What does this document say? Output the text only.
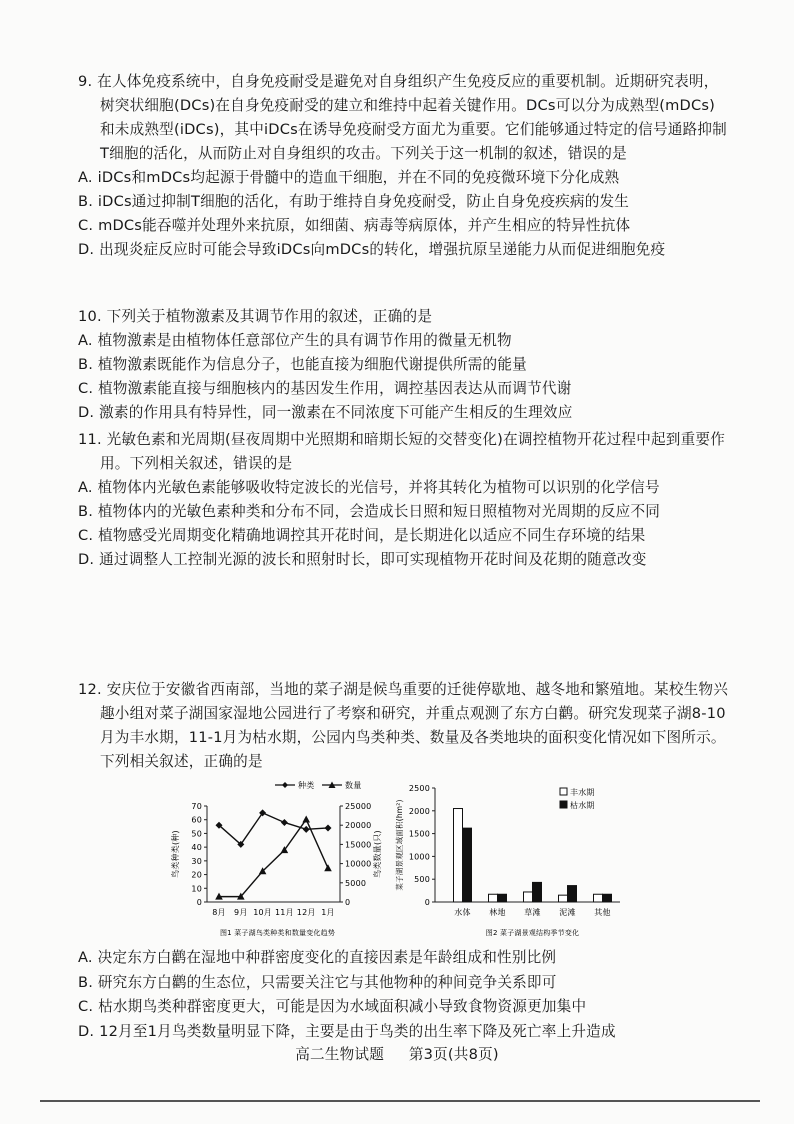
9. 在人体免疫系统中，自身免疫耐受是避免对自身组织产生免疫反应的重要机制。近期研究表明，树突状细胞(DCs)在自身免疫耐受的建立和维持中起着关键作用。DCs可以分为成熟型(mDCs)和未成熟型(iDCs)，其中iDCs在诱导免疫耐受方面尤为重要。它们能够通过特定的信号通路抑制T细胞的活化，从而防止对自身组织的攻击。下列关于这一机制的叙述，错误的是

A. iDCs和mDCs均起源于骨髓中的造血干细胞，并在不同的免疫微环境下分化成熟

B. iDCs通过抑制T细胞的活化，有助于维持自身免疫耐受，防止自身免疫疾病的发生

C. mDCs能吞噬并处理外来抗原，如细菌、病毒等病原体，并产生相应的特异性抗体

D. 出现炎症反应时可能会导致iDCs向mDCs的转化，增强抗原呈递能力从而促进细胞免疫

10. 下列关于植物激素及其调节作用的叙述，正确的是

A. 植物激素是由植物体任意部位产生的具有调节作用的微量无机物

B. 植物激素既能作为信息分子，也能直接为细胞代谢提供所需的能量

C. 植物激素能直接与细胞核内的基因发生作用，调控基因表达从而调节代谢

D. 激素的作用具有特异性，同一激素在不同浓度下可能产生相反的生理效应

11. 光敏色素和光周期(昼夜周期中光照期和暗期长短的交替变化)在调控植物开花过程中起到重要作用。下列相关叙述，错误的是

A. 植物体内光敏色素能够吸收特定波长的光信号，并将其转化为植物可以识别的化学信号

B. 植物体内的光敏色素种类和分布不同，会造成长日照和短日照植物对光周期的反应不同

C. 植物感受光周期变化精确地调控其开花时间，是长期进化以适应不同生存环境的结果

D. 通过调整人工控制光源的波长和照射时长，即可实现植物开花时间及花期的随意改变

12. 安庆位于安徽省西南部，当地的菜子湖是候鸟重要的迁徙停歇地、越冬地和繁殖地。某校生物兴趣小组对菜子湖国家湿地公园进行了考察和研究，并重点观测了东方白鹳。研究发现菜子湖8-10月为丰水期，11-1月为枯水期，公园内鸟类种类、数量及各类地块的面积变化情况如下图所示。下列相关叙述，正确的是

0
10
20
30
40
50
60
70
0
5000
10000
15000
20000
25000
8月 9月 10月 11月 12月 1月
鸟类种类(种)	鸟类数量(只)
种类	数量
图1 菜子湖鸟类种类和数量变化趋势
0
500
1000
1500
2000
2500
菜子湖景观区域面积(hm²)
水体 林地 草滩 泥滩 其他
丰水期
枯水期
图2 菜子湖景观结构季节变化

A. 决定东方白鹳在湿地中种群密度变化的直接因素是年龄组成和性别比例

B. 研究东方白鹳的生态位，只需要关注它与其他物种的种间竞争关系即可

C. 枯水期鸟类种群密度更大，可能是因为水域面积减小导致食物资源更加集中

D. 12月至1月鸟类数量明显下降，主要是由于鸟类的出生率下降及死亡率上升造成

高二生物试题 第3页(共8页)
